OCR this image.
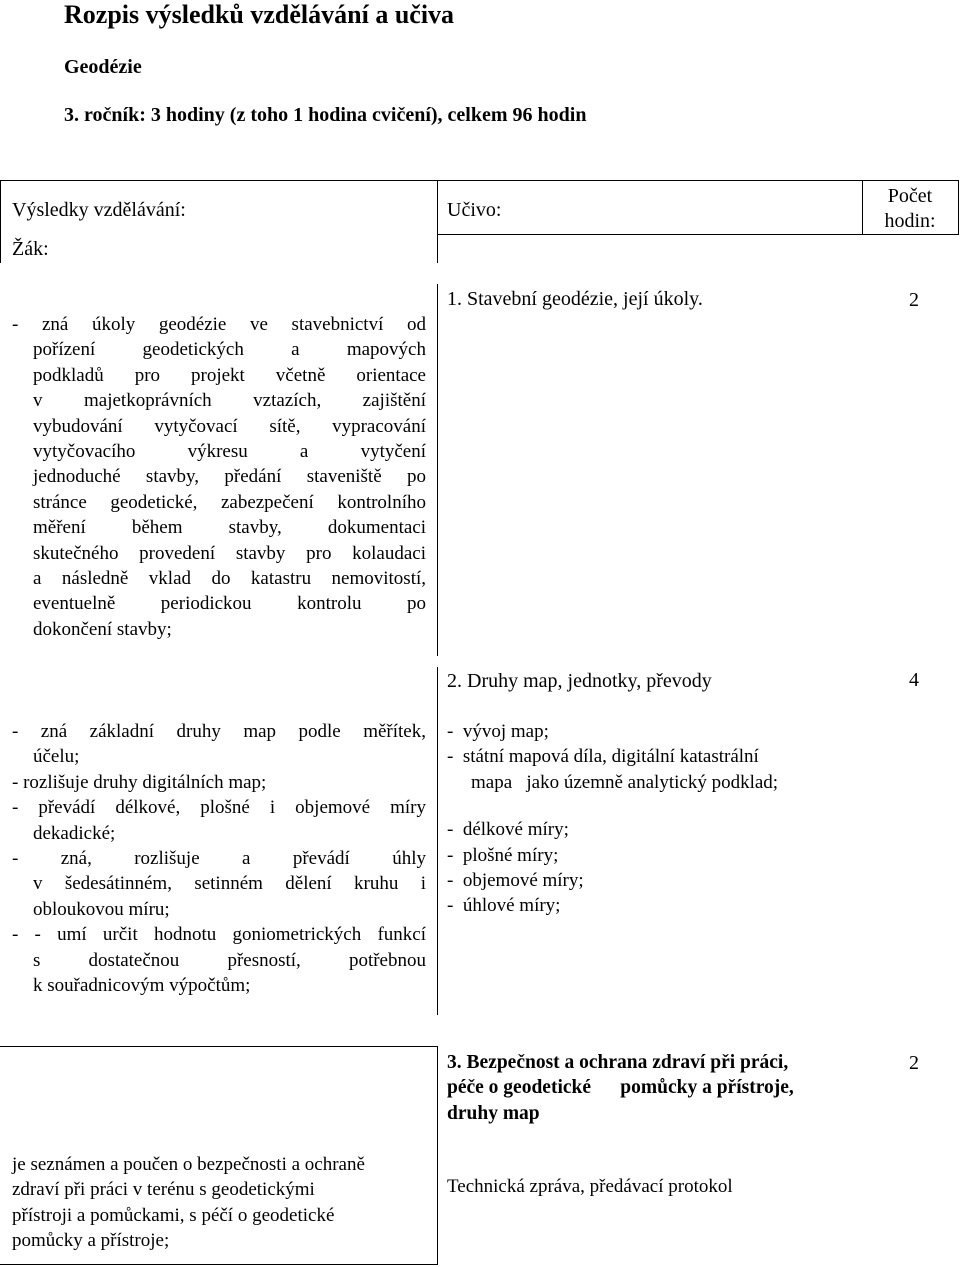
Rozpis výsledků vzdělávání a učiva
Geodézie
3. ročník: 3 hodiny (z toho 1 hodina cvičení), celkem 96 hodin
Výsledky vzdělávání:
Žák:
Učivo:
Počet
hodin:
- zná úkoly geodézie ve stavebnictví od
pořízení geodetických a mapových
podkladů pro projekt včetně orientace
v majetkoprávních vztazích, zajištění
vybudování vytyčovací sítě, vypracování
vytyčovacího výkresu a vytyčení
jednoduché stavby, předání staveniště po
stránce geodetické, zabezpečení kontrolního
měření během stavby, dokumentaci
skutečného provedení stavby pro kolaudaci
a následně vklad do katastru nemovitostí,
eventuelně periodickou kontrolu po
dokončení stavby;
1. Stavební geodézie, její úkoly.	2
2. Druhy map, jednotky, převody	4
- zná základní druhy map podle měřítek,
účelu;
- rozlišuje druhy digitálních map;
- převádí délkové, plošné i objemové míry
dekadické;
- zná, rozlišuje a převádí úhly
v šedesátinném, setinném dělení kruhu i
obloukovou míru;
- - umí určit hodnotu goniometrických funkcí
s dostatečnou přesností, potřebnou
k souřadnicovým výpočtům;
-  vývoj map;
-  státní mapová díla, digitální katastrální
mapa   jako územně analytický podklad;
-  délkové míry;
-  plošné míry;
-  objemové míry;
-  úhlové míry;
3. Bezpečnost a ochrana zdraví při práci,
péče o geodetické      pomůcky a přístroje,
druhy map
2
je seznámen a poučen o bezpečnosti a ochraně
zdraví při práci v terénu s geodetickými
přístroji a pomůckami, s péčí o geodetické
pomůcky a přístroje;
Technická zpráva, předávací protokol
